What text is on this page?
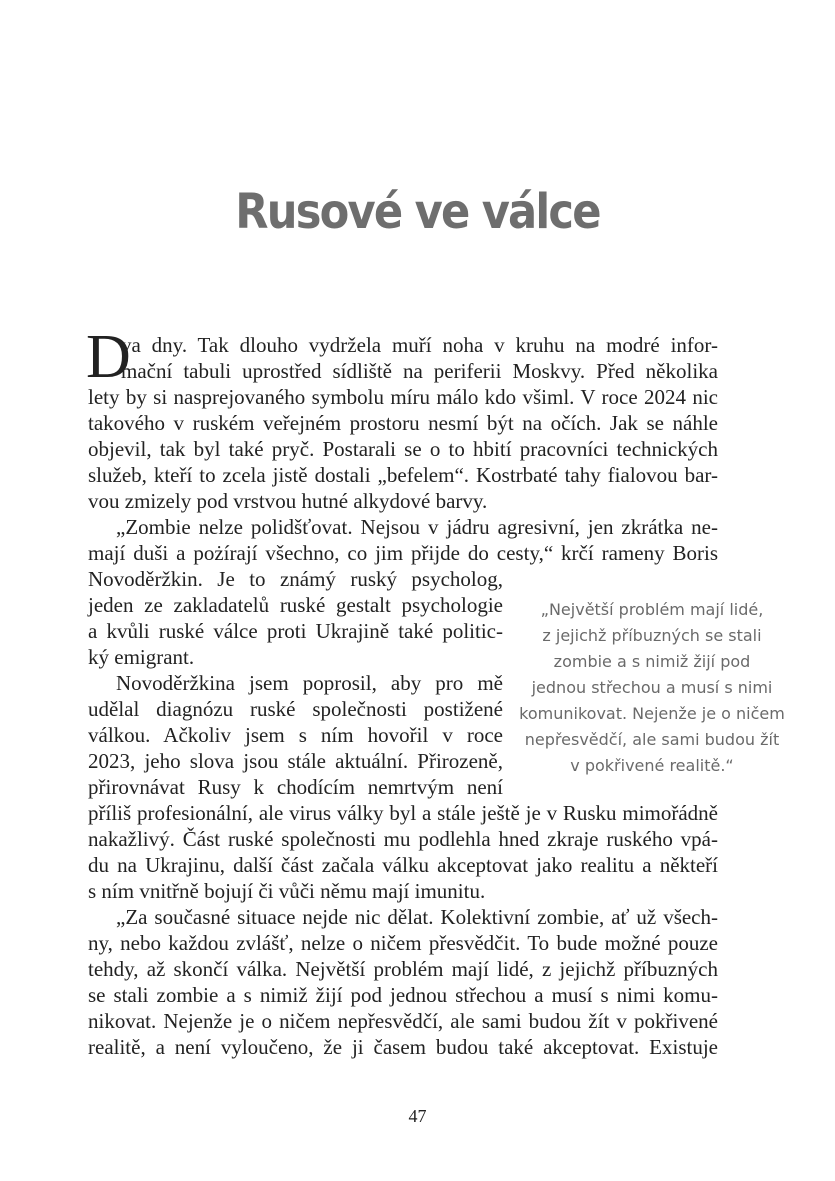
Rusové ve válce
D
va dny. Tak dlouho vydržela muří noha v kruhu na modré infor-
mační tabuli uprostřed sídliště na periferii Moskvy. Před několika
lety by si nasprejovaného symbolu míru málo kdo všiml. V roce 2024 nic
takového v ruském veřejném prostoru nesmí být na očích. Jak se náhle
objevil, tak byl také pryč. Postarali se o to hbití pracovníci technických
služeb, kteří to zcela jistě dostali „befelem“. Kostrbaté tahy fialovou bar-
vou zmizely pod vrstvou hutné alkydové barvy.
„Zombie nelze polidšťovat. Nejsou v jádru agresivní, jen zkrátka ne-
mají duši a pożírají všechno, co jim přijde do cesty,“ krčí rameny Boris
Novoděržkin. Je to známý ruský psycholog,
jeden ze zakladatelů ruské gestalt psychologie
a kvůli ruské válce proti Ukrajině také politic-
ký emigrant.
Novoděržkina jsem poprosil, aby pro mě
udělal diagnózu ruské společnosti postižené
válkou. Ačkoliv jsem s ním hovořil v roce
2023, jeho slova jsou stále aktuální. Přirozeně,
přirovnávat Rusy k chodícím nemrtvým není
příliš profesionální, ale virus války byl a stále ještě je v Rusku mimořádně
nakažlivý. Část ruské společnosti mu podlehla hned zkraje ruského vpá-
du na Ukrajinu, další část začala válku akceptovat jako realitu a někteří
s ním vnitřně bojují či vůči němu mají imunitu.
„Za současné situace nejde nic dělat. Kolektivní zombie, ať už všech-
ny, nebo každou zvlášť, nelze o ničem přesvědčit. To bude možné pouze
tehdy, až skončí válka. Největší problém mají lidé, z jejichž příbuzných
se stali zombie a s nimiž žijí pod jednou střechou a musí s nimi komu-
nikovat. Nejenže je o ničem nepřesvědčí, ale sami budou žít v pokřivené
realitě, a není vyloučeno, že ji časem budou také akceptovat. Existuje
„Největší problém mají lidé,
z jejichž příbuzných se stali
zombie a s nimiž žijí pod
jednou střechou a musí s nimi
komunikovat. Nejenže je o ničem
nepřesvědčí, ale sami budou žít
v pokřivené realitě.“
47
